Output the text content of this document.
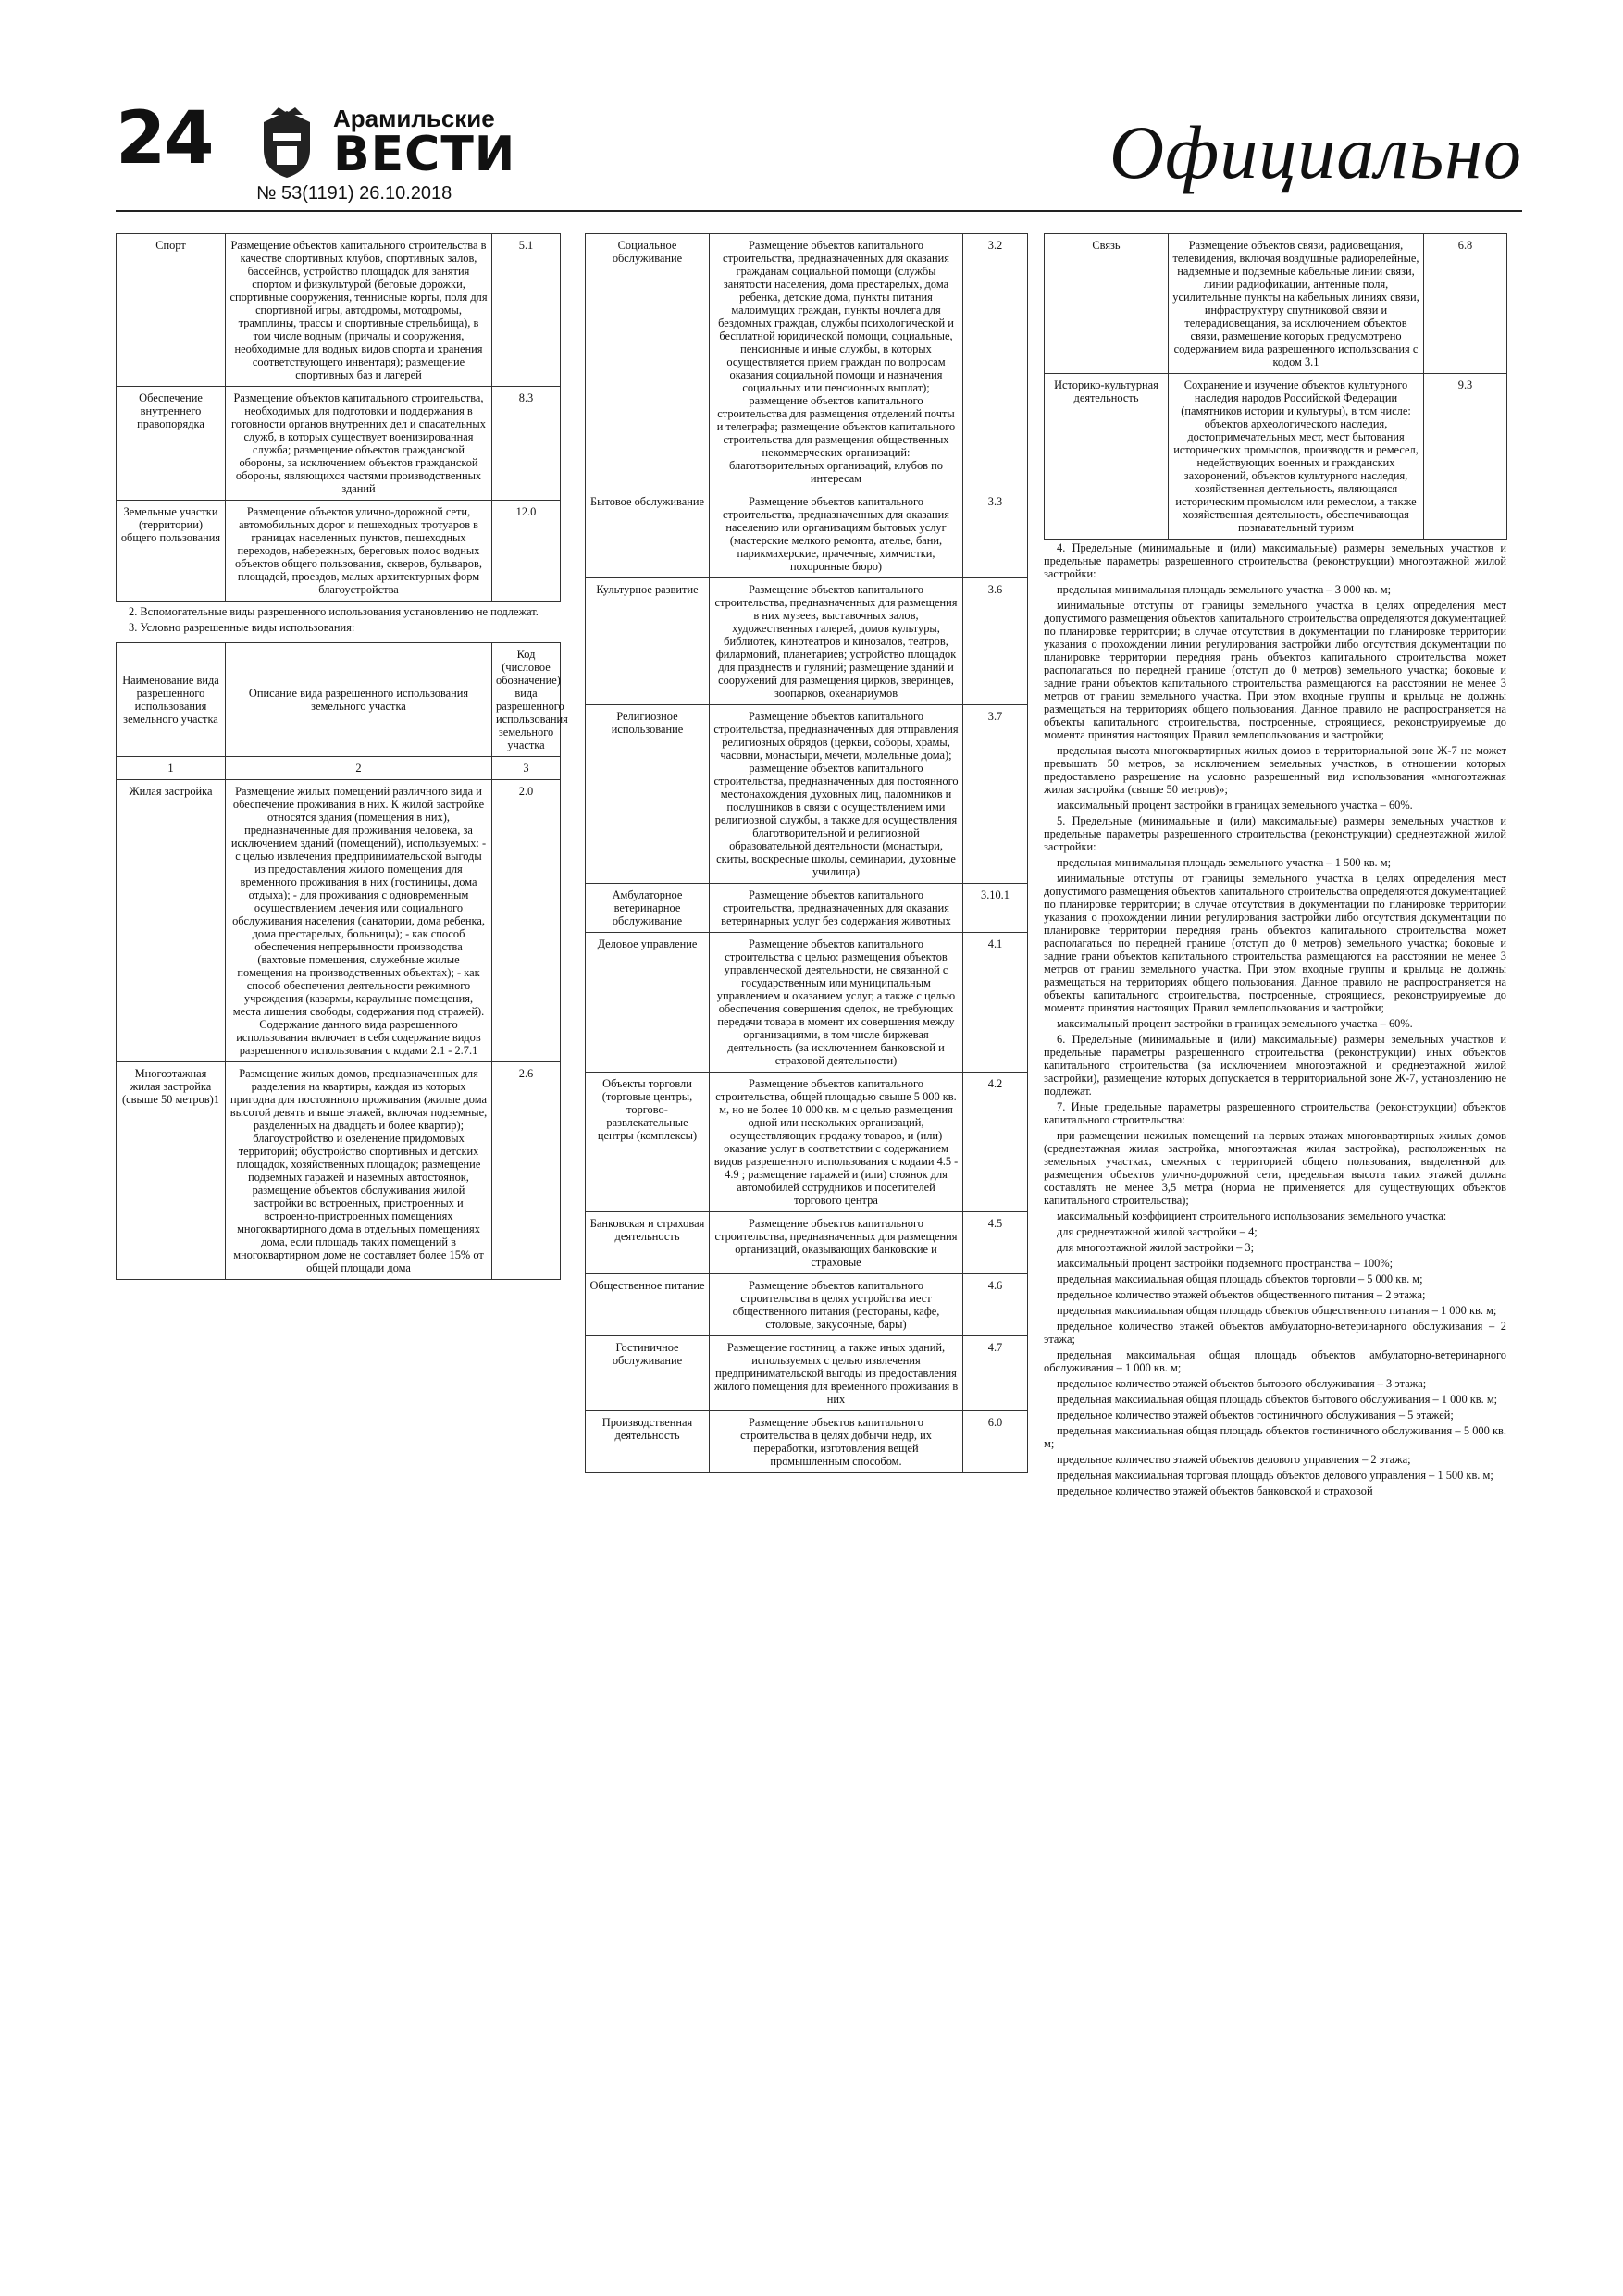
24	Арамильские
ВЕСТИ
№ 53(1191) 26.10.2018	Официально
Спорт	Размещение объектов капитального строительства в качестве спортивных клубов, спортивных залов, бассейнов, устройство площадок для занятия спортом и физкультурой (беговые дорожки, спортивные сооружения, теннисные корты, поля для спортивной игры, автодромы, мотодромы, трамплины, трассы и спортивные стрельбища), в том числе водным (причалы и сооружения, необходимые для водных видов спорта и хранения соответствующего инвентаря); размещение спортивных баз и лагерей	5.1
Обеспечение внутреннего правопорядка	Размещение объектов капитального строительства, необходимых для подготовки и поддержания в готовности органов внутренних дел и спасательных служб, в которых существует военизированная служба; размещение объектов гражданской обороны, за исключением объектов гражданской обороны, являющихся частями производственных зданий	8.3
Земельные участки (территории) общего пользования	Размещение объектов улично-дорожной сети, автомобильных дорог и пешеходных тротуаров в границах населенных пунктов, пешеходных переходов, набережных, береговых полос водных объектов общего пользования, скверов, бульваров, площадей, проездов, малых архитектурных форм благоустройства	12.0

2. Вспомогательные виды разрешенного использования установлению не подлежат.

3. Условно разрешенные виды использования:

Наименование вида разрешенного использования земельного участка	Описание вида разрешенного использования земельного участка	Код (числовое обозначение) вида разрешенного использования земельного участка
1	2	3
Жилая застройка	Размещение жилых помещений различного вида и обеспечение проживания в них. К жилой застройке относятся здания (помещения в них), предназначенные для проживания человека, за исключением зданий (помещений), используемых: - с целью извлечения предпринимательской выгоды из предоставления жилого помещения для временного проживания в них (гостиницы, дома отдыха); - для проживания с одновременным осуществлением лечения или социального обслуживания населения (санатории, дома ребенка, дома престарелых, больницы); - как способ обеспечения непрерывности производства (вахтовые помещения, служебные жилые помещения на производственных объектах); - как способ обеспечения деятельности режимного учреждения (казармы, караульные помещения, места лишения свободы, содержания под стражей). Содержание данного вида разрешенного использования включает в себя содержание видов разрешенного использования с кодами 2.1 - 2.7.1	2.0
Многоэтажная жилая застройка (свыше 50 метров)1	Размещение жилых домов, предназначенных для разделения на квартиры, каждая из которых пригодна для постоянного проживания (жилые дома высотой девять и выше этажей, включая подземные, разделенных на двадцать и более квартир); благоустройство и озеленение придомовых территорий; обустройство спортивных и детских площадок, хозяйственных площадок; размещение подземных гаражей и наземных автостоянок, размещение объектов обслуживания жилой застройки во встроенных, пристроенных и встроенно-пристроенных помещениях многоквартирного дома в отдельных помещениях дома, если площадь таких помещений в многоквартирном доме не составляет более 15% от общей площади дома	2.6
Социальное обслуживание	Размещение объектов капитального строительства, предназначенных для оказания гражданам социальной помощи (службы занятости населения, дома престарелых, дома ребенка, детские дома, пункты питания малоимущих граждан, пункты ночлега для бездомных граждан, службы психологической и бесплатной юридической помощи, социальные, пенсионные и иные службы, в которых осуществляется прием граждан по вопросам оказания социальной помощи и назначения социальных или пенсионных выплат); размещение объектов капитального строительства для размещения отделений почты и телеграфа; размещение объектов капитального строительства для размещения общественных некоммерческих организаций: благотворительных организаций, клубов по интересам	3.2
Бытовое обслуживание	Размещение объектов капитального строительства, предназначенных для оказания населению или организациям бытовых услуг (мастерские мелкого ремонта, ателье, бани, парикмахерские, прачечные, химчистки, похоронные бюро)	3.3
Культурное развитие	Размещение объектов капитального строительства, предназначенных для размещения в них музеев, выставочных залов, художественных галерей, домов культуры, библиотек, кинотеатров и кинозалов, театров, филармоний, планетариев; устройство площадок для празднеств и гуляний; размещение зданий и сооружений для размещения цирков, зверинцев, зоопарков, океанариумов	3.6
Религиозное использование	Размещение объектов капитального строительства, предназначенных для отправления религиозных обрядов (церкви, соборы, храмы, часовни, монастыри, мечети, молельные дома); размещение объектов капитального строительства, предназначенных для постоянного местонахождения духовных лиц, паломников и послушников в связи с осуществлением ими религиозной службы, а также для осуществления благотворительной и религиозной образовательной деятельности (монастыри, скиты, воскресные школы, семинарии, духовные училища)	3.7
Амбулаторное ветеринарное обслуживание	Размещение объектов капитального строительства, предназначенных для оказания ветеринарных услуг без содержания животных	3.10.1
Деловое управление	Размещение объектов капитального строительства с целью: размещения объектов управленческой деятельности, не связанной с государственным или муниципальным управлением и оказанием услуг, а также с целью обеспечения совершения сделок, не требующих передачи товара в момент их совершения между организациями, в том числе биржевая деятельность (за исключением банковской и страховой деятельности)	4.1
Объекты торговли (торговые центры, торгово-развлекательные центры (комплексы)	Размещение объектов капитального строительства, общей площадью свыше 5 000 кв. м, но не более 10 000 кв. м с целью размещения одной или нескольких организаций, осуществляющих продажу товаров, и (или) оказание услуг в соответствии с содержанием видов разрешенного использования с кодами 4.5 - 4.9 ; размещение гаражей и (или) стоянок для автомобилей сотрудников и посетителей торгового центра	4.2
Банковская и страховая деятельность	Размещение объектов капитального строительства, предназначенных для размещения организаций, оказывающих банковские и страховые	4.5
Общественное питание	Размещение объектов капитального строительства в целях устройства мест общественного питания (рестораны, кафе, столовые, закусочные, бары)	4.6
Гостиничное обслуживание	Размещение гостиниц, а также иных зданий, используемых с целью извлечения предпринимательской выгоды из предоставления жилого помещения для временного проживания в них	4.7
Производственная деятельность	Размещение объектов капитального строительства в целях добычи недр, их переработки, изготовления вещей промышленным способом.	6.0
Связь	Размещение объектов связи, радиовещания, телевидения, включая воздушные радиорелейные, надземные и подземные кабельные линии связи, линии радиофикации, антенные поля, усилительные пункты на кабельных линиях связи, инфраструктуру спутниковой связи и телерадиовещания, за исключением объектов связи, размещение которых предусмотрено содержанием вида разрешенного использования с кодом 3.1	6.8
Историко-культурная деятельность	Сохранение и изучение объектов культурного наследия народов Российской Федерации (памятников истории и культуры), в том числе: объектов археологического наследия, достопримечательных мест, мест бытования исторических промыслов, производств и ремесел, недействующих военных и гражданских захоронений, объектов культурного наследия, хозяйственная деятельность, являющаяся историческим промыслом или ремеслом, а также хозяйственная деятельность, обеспечивающая познавательный туризм	9.3

4. Предельные (минимальные и (или) максимальные) размеры земельных участков и предельные параметры разрешенного строительства (реконструкции) многоэтажной жилой застройки:

предельная минимальная площадь земельного участка – 3 000 кв. м;

минимальные отступы от границы земельного участка в целях определения мест допустимого размещения объектов капитального строительства определяются документацией по планировке территории; в случае отсутствия в документации по планировке территории указания о прохождении линии регулирования застройки либо отсутствия документации по планировке территории передняя грань объектов капитального строительства может располагаться по передней границе (отступ до 0 метров) земельного участка; боковые и задние грани объектов капитального строительства размещаются на расстоянии не менее 3 метров от границ земельного участка. При этом входные группы и крыльца не должны размещаться на территориях общего пользования. Данное правило не распространяется на объекты капитального строительства, построенные, строящиеся, реконструируемые до момента принятия настоящих Правил землепользования и застройки;

предельная высота многоквартирных жилых домов в территориальной зоне Ж-7 не может превышать 50 метров, за исключением земельных участков, в отношении которых предоставлено разрешение на условно разрешенный вид использования «многоэтажная жилая застройка (свыше 50 метров)»;

максимальный процент застройки в границах земельного участка – 60%.

5. Предельные (минимальные и (или) максимальные) размеры земельных участков и предельные параметры разрешенного строительства (реконструкции) среднеэтажной жилой застройки:

предельная минимальная площадь земельного участка – 1 500 кв. м;

минимальные отступы от границы земельного участка в целях определения мест допустимого размещения объектов капитального строительства определяются документацией по планировке территории; в случае отсутствия в документации по планировке территории указания о прохождении линии регулирования застройки либо отсутствия документации по планировке территории передняя грань объектов капитального строительства может располагаться по передней границе (отступ до 0 метров) земельного участка; боковые и задние грани объектов капитального строительства размещаются на расстоянии не менее 3 метров от границ земельного участка. При этом входные группы и крыльца не должны размещаться на территориях общего пользования. Данное правило не распространяется на объекты капитального строительства, построенные, строящиеся, реконструируемые до момента принятия настоящих Правил землепользования и застройки;

максимальный процент застройки в границах земельного участка – 60%.

6. Предельные (минимальные и (или) максимальные) размеры земельных участков и предельные параметры разрешенного строительства (реконструкции) иных объектов капитального строительства (за исключением многоэтажной и среднеэтажной жилой застройки), размещение которых допускается в территориальной зоне Ж-7, установлению не подлежат.

7. Иные предельные параметры разрешенного строительства (реконструкции) объектов капитального строительства:

при размещении нежилых помещений на первых этажах многоквартирных жилых домов (среднеэтажная жилая застройка, многоэтажная жилая застройка), расположенных на земельных участках, смежных с территорией общего пользования, выделенной для размещения объектов улично-дорожной сети, предельная высота таких этажей должна составлять не менее 3,5 метра (норма не применяется для существующих объектов капитального строительства);

максимальный коэффициент строительного использования земельного участка:

для среднеэтажной жилой застройки – 4;

для многоэтажной жилой застройки – 3;

максимальный процент застройки подземного пространства – 100%;

предельная максимальная общая площадь объектов торговли – 5 000 кв. м;

предельное количество этажей объектов общественного питания – 2 этажа;

предельная максимальная общая площадь объектов общественного питания – 1 000 кв. м;

предельное количество этажей объектов амбулаторно-ветеринарного обслуживания – 2 этажа;

предельная максимальная общая площадь объектов амбулаторно-ветеринарного обслуживания – 1 000 кв. м;

предельное количество этажей объектов бытового обслуживания – 3 этажа;

предельная максимальная общая площадь объектов бытового обслуживания – 1 000 кв. м;

предельное количество этажей объектов гостиничного обслуживания – 5 этажей;

предельная максимальная общая площадь объектов гостиничного обслуживания – 5 000 кв. м;

предельное количество этажей объектов делового управления – 2 этажа;

предельная максимальная торговая площадь объектов делового управления – 1 500 кв. м;

предельное количество этажей объектов банковской и страховой
